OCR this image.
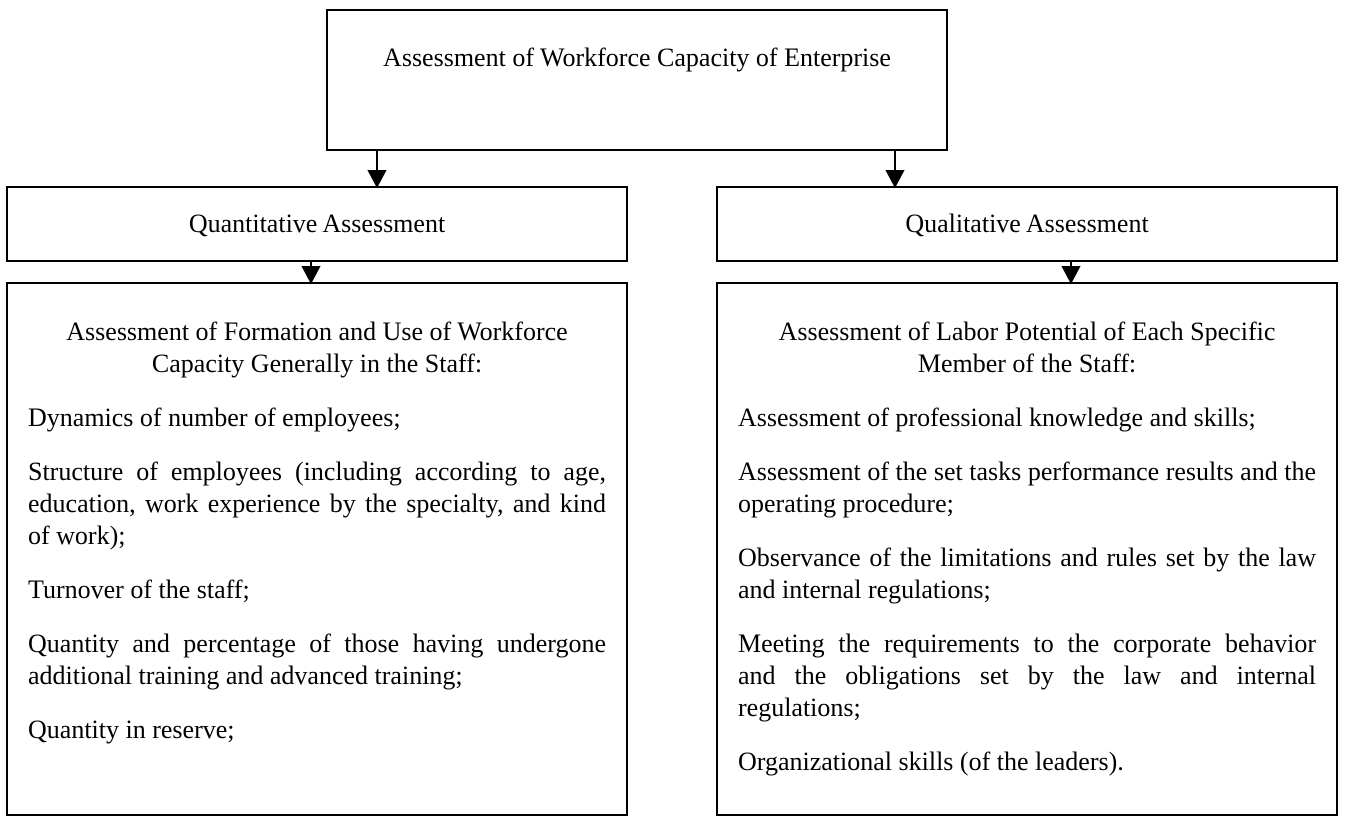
Assessment of Workforce Capacity of Enterprise
Quantitative Assessment	Qualitative Assessment
Assessment of Formation and Use of Workforce Capacity Generally in the Staff:

Dynamics of number of employees;

Structure of employees (including according to age, education, work experience by the specialty, and kind of work);

Turnover of the staff;

Quantity and percentage of those having undergone additional training and advanced training;

Quantity in reserve;

Assessment of Labor Potential of Each Specific Member of the Staff:

Assessment of professional knowledge and skills;

Assessment of the set tasks performance results and the operating procedure;

Observance of the limitations and rules set by the law and internal regulations;

Meeting the requirements to the corporate behavior and the obligations set by the law and internal regulations;

Organizational skills (of the leaders).
